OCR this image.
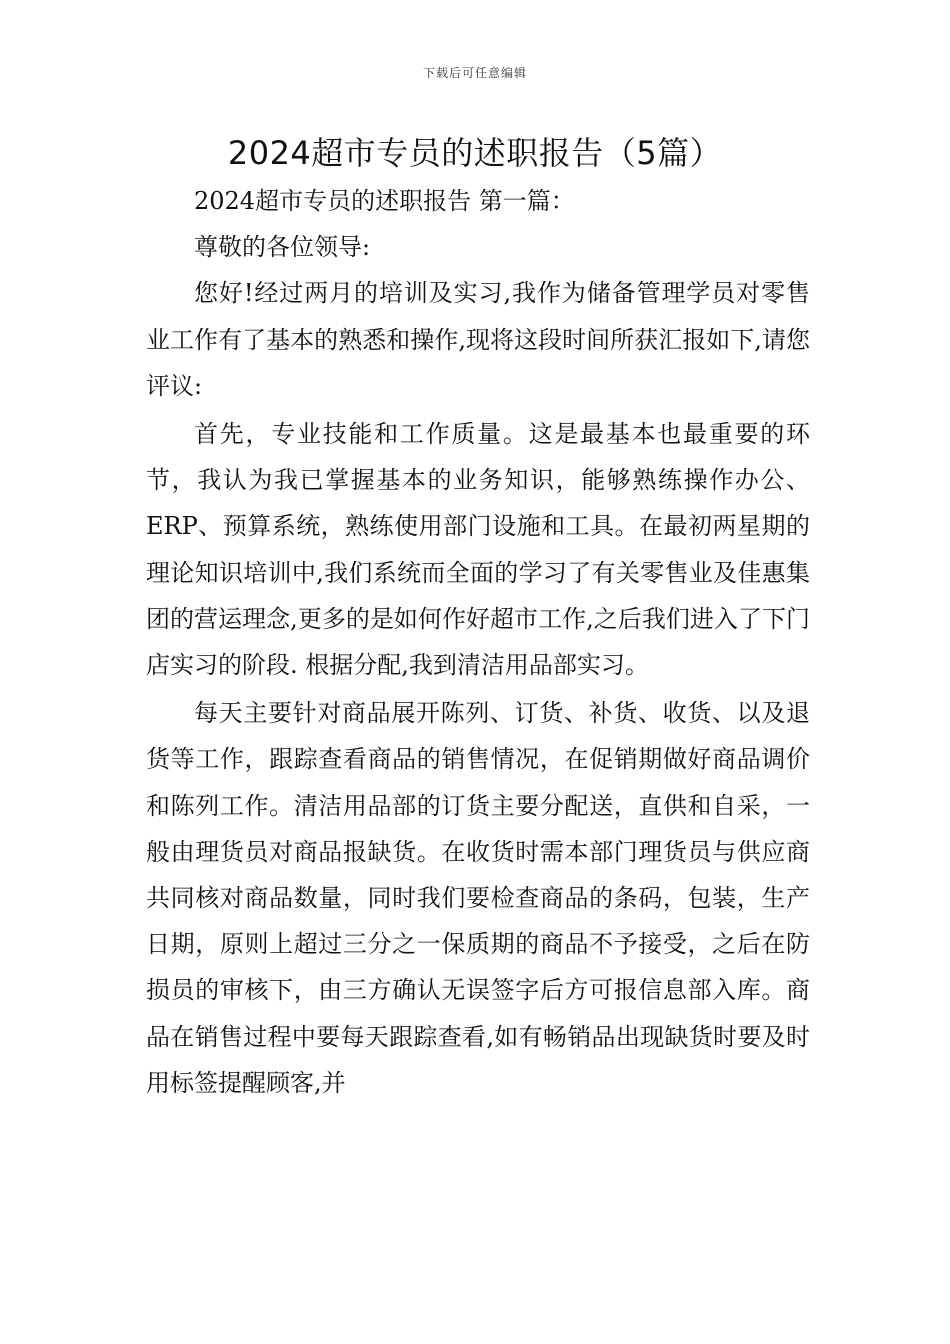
下载后可任意编辑
2024超市专员的述职报告（5篇）

2024超市专员的述职报告 第一篇：

尊敬的各位领导:

您好!经过两月的培训及实习,我作为储备管理学员对零售业工作有了基本的熟悉和操作,现将这段时间所获汇报如下,请您评议:

首先，专业技能和工作质量。这是最基本也最重要的环节，我认为我已掌握基本的业务知识，能够熟练操作办公、ERP、预算系统，熟练使用部门设施和工具。在最初两星期的理论知识培训中,我们系统而全面的学习了有关零售业及佳惠集团的营运理念,更多的是如何作好超市工作,之后我们进入了下门店实习的阶段. 根据分配,我到清洁用品部实习。

每天主要针对商品展开陈列、订货、补货、收货、以及退货等工作，跟踪查看商品的销售情况，在促销期做好商品调价和陈列工作。清洁用品部的订货主要分配送，直供和自采，一般由理货员对商品报缺货。在收货时需本部门理货员与供应商共同核对商品数量，同时我们要检查商品的条码，包装，生产日期，原则上超过三分之一保质期的商品不予接受，之后在防损员的审核下，由三方确认无误签字后方可报信息部入库。商品在销售过程中要每天跟踪查看,如有畅销品出现缺货时要及时用标签提醒顾客,并
